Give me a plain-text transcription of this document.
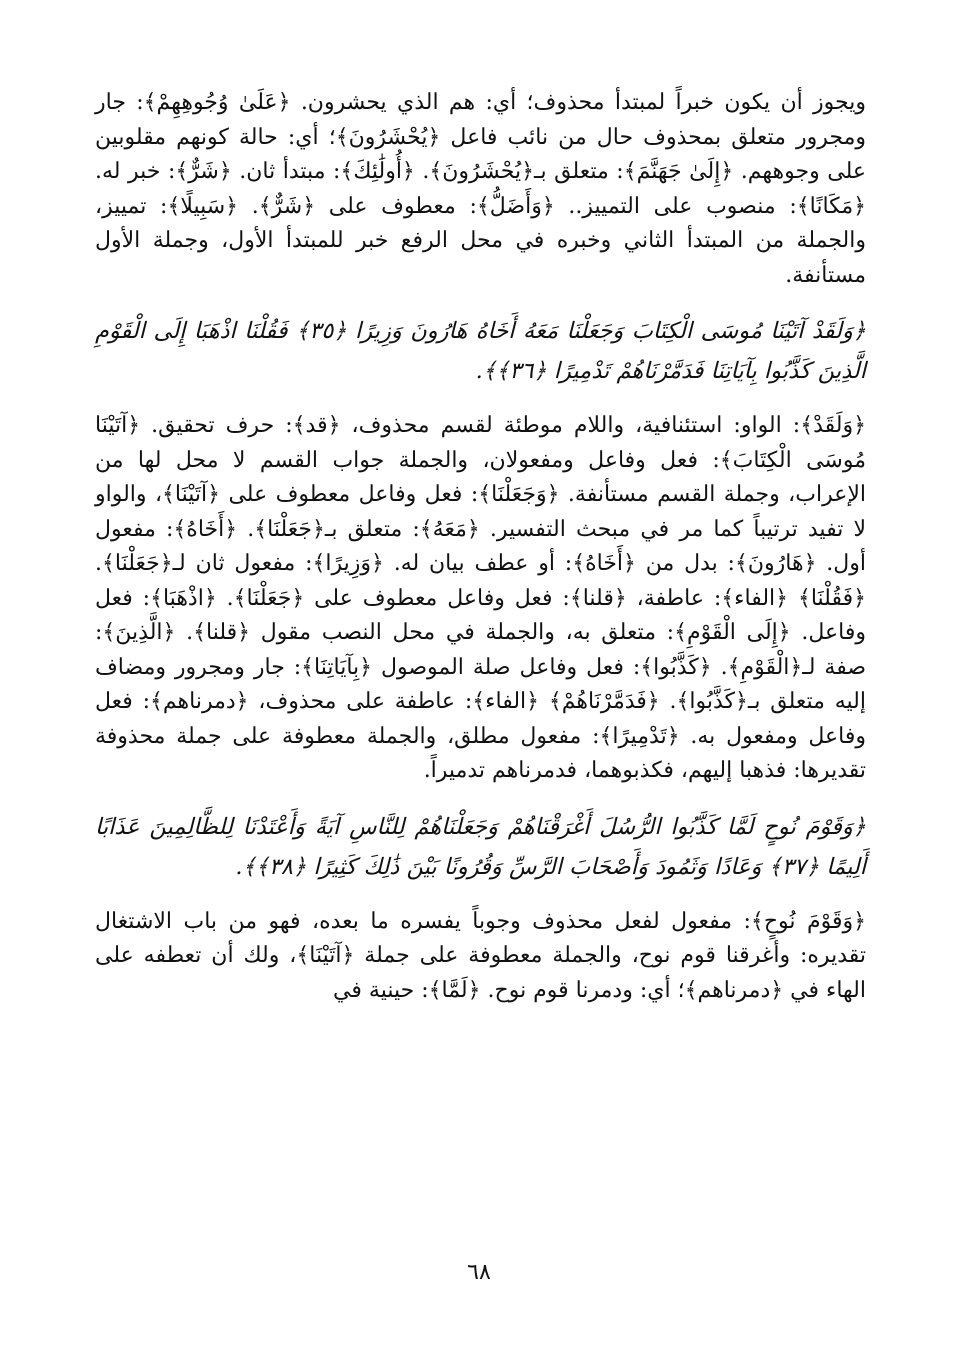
ويجوز أن يكون خبراً لمبتدأ محذوف؛ أي: هم الذي يحشرون. ﴿عَلَىٰ وُجُوهِهِمْ﴾: جار ومجرور متعلق بمحذوف حال من نائب فاعل ﴿يُحْشَرُونَ﴾؛ أي: حالة كونهم مقلوبين على وجوههم. ﴿إِلَىٰ جَهَنَّمَ﴾: متعلق بـ﴿يُحْشَرُونَ﴾. ﴿أُولَٰئِكَ﴾: مبتدأ ثان. ﴿شَرٌّ﴾: خبر له. ﴿مَكَانًا﴾: منصوب على التمييز.. ﴿وَأَضَلُّ﴾: معطوف على ﴿شَرٌّ﴾. ﴿سَبِيلًا﴾: تمييز، والجملة من المبتدأ الثاني وخبره في محل الرفع خبر للمبتدأ الأول، وجملة الأول مستأنفة.

﴿وَلَقَدْ آتَيْنَا مُوسَى الْكِتَابَ وَجَعَلْنَا مَعَهُ أَخَاهُ هَارُونَ وَزِيرًا ﴿٣٥﴾ فَقُلْنَا اذْهَبَا إِلَى الْقَوْمِ الَّذِينَ كَذَّبُوا بِآيَاتِنَا فَدَمَّرْنَاهُمْ تَدْمِيرًا ﴿٣٦﴾﴾.

﴿وَلَقَدْ﴾: الواو: استئنافية، واللام موطئة لقسم محذوف، ﴿قد﴾: حرف تحقيق. ﴿آتَيْنَا مُوسَى الْكِتَابَ﴾: فعل وفاعل ومفعولان، والجملة جواب القسم لا محل لها من الإعراب، وجملة القسم مستأنفة. ﴿وَجَعَلْنَا﴾: فعل وفاعل معطوف على ﴿آتَيْنَا﴾، والواو لا تفيد ترتيباً كما مر في مبحث التفسير. ﴿مَعَهُ﴾: متعلق بـ﴿جَعَلْنَا﴾. ﴿أَخَاهُ﴾: مفعول أول. ﴿هَارُونَ﴾: بدل من ﴿أَخَاهُ﴾: أو عطف بيان له. ﴿وَزِيرًا﴾: مفعول ثان لـ﴿جَعَلْنَا﴾. ﴿فَقُلْنَا﴾ ﴿الفاء﴾: عاطفة، ﴿قلنا﴾: فعل وفاعل معطوف على ﴿جَعَلْنَا﴾. ﴿اذْهَبَا﴾: فعل وفاعل. ﴿إِلَى الْقَوْمِ﴾: متعلق به، والجملة في محل النصب مقول ﴿قلنا﴾. ﴿الَّذِينَ﴾: صفة لـ﴿الْقَوْمِ﴾. ﴿كَذَّبُوا﴾: فعل وفاعل صلة الموصول ﴿بِآيَاتِنَا﴾: جار ومجرور ومضاف إليه متعلق بـ﴿كَذَّبُوا﴾. ﴿فَدَمَّرْنَاهُمْ﴾ ﴿الفاء﴾: عاطفة على محذوف، ﴿دمرناهم﴾: فعل وفاعل ومفعول به. ﴿تَدْمِيرًا﴾: مفعول مطلق، والجملة معطوفة على جملة محذوفة تقديرها: فذهبا إليهم، فكذبوهما، فدمرناهم تدميراً.

﴿وَقَوْمَ نُوحٍ لَمَّا كَذَّبُوا الرُّسُلَ أَغْرَقْنَاهُمْ وَجَعَلْنَاهُمْ لِلنَّاسِ آيَةً وَأَعْتَدْنَا لِلظَّالِمِينَ عَذَابًا أَلِيمًا ﴿٣٧﴾ وَعَادًا وَثَمُودَ وَأَصْحَابَ الرَّسِّ وَقُرُونًا بَيْنَ ذَٰلِكَ كَثِيرًا ﴿٣٨﴾﴾.

﴿وَقَوْمَ نُوحٍ﴾: مفعول لفعل محذوف وجوباً يفسره ما بعده، فهو من باب الاشتغال تقديره: وأغرقنا قوم نوح، والجملة معطوفة على جملة ﴿آتَيْنَا﴾، ولك أن تعطفه على الهاء في ﴿دمرناهم﴾؛ أي: ودمرنا قوم نوح. ﴿لَمَّا﴾: حينية في

٦٨
